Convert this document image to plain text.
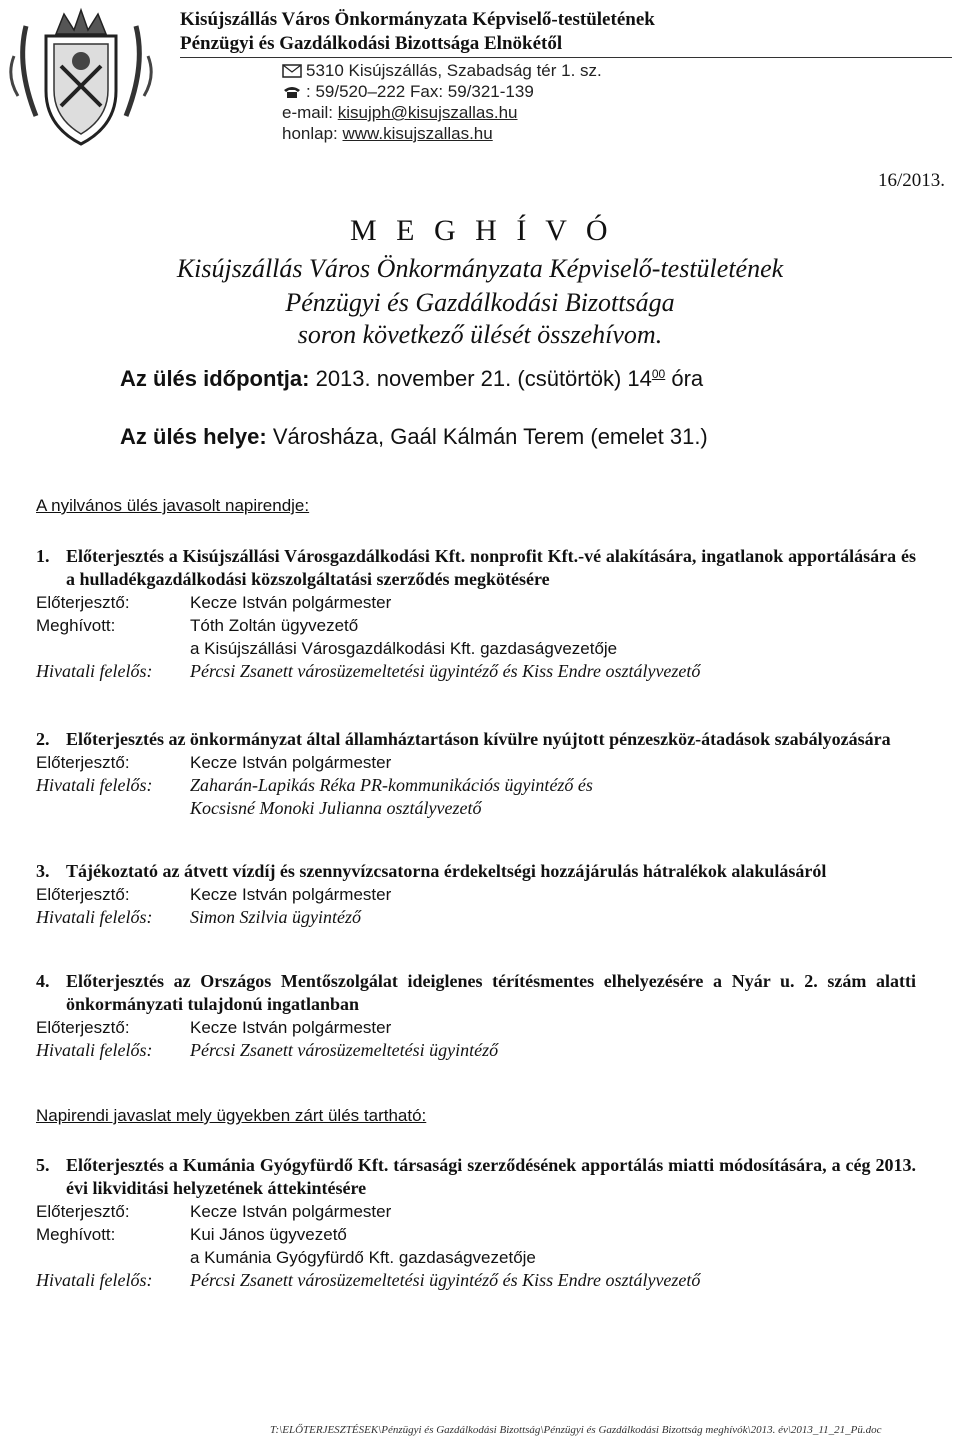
Kisújszállás Város Önkormányzata Képviselő-testületének
Pénzügyi és Gazdálkodási Bizottsága Elnökétől
5310 Kisújszállás, Szabadság tér 1. sz.
: 59/520–222 Fax: 59/321-139
e-mail: kisujph@kisujszallas.hu
honlap: www.kisujszallas.hu
16/2013.
M E G H Í V Ó
Kisújszállás Város Önkormányzata Képviselő-testületének
Pénzügyi és Gazdálkodási Bizottsága
soron következő ülését összehívom.
Az ülés időpontja: 2013. november 21. (csütörtök) $14^{00}$ óra
Az ülés helye: Városháza, Gaál Kálmán Terem (emelet 31.)
A nyilvános ülés javasolt napirendje:
1. Előterjesztés a Kisújszállási Városgazdálkodási Kft. nonprofit Kft.-vé alakítására, ingatlanok apportálására és a hulladékgazdálkodási közszolgáltatási szerződés megkötésére
Előterjesztő:	Kecze István polgármester
Meghívott:	Tóth Zoltán ügyvezető
a Kisújszállási Városgazdálkodási Kft. gazdaságvezetője
Hivatali felelős:	Pércsi Zsanett városüzemeltetési ügyintéző és Kiss Endre osztályvezető
2. Előterjesztés az önkormányzat által államháztartáson kívülre nyújtott pénzeszköz-átadások szabályozására
Előterjesztő:	Kecze István polgármester
Hivatali felelős:	Zaharán-Lapikás Réka PR-kommunikációs ügyintéző és
Kocsisné Monoki Julianna osztályvezető
3. Tájékoztató az átvett vízdíj és szennyvízcsatorna érdekeltségi hozzájárulás hátralékok alakulásáról
Előterjesztő:	Kecze István polgármester
Hivatali felelős:	Simon Szilvia ügyintéző
4. Előterjesztés az Országos Mentőszolgálat ideiglenes térítésmentes elhelyezésére a Nyár u. 2. szám alatti önkormányzati tulajdonú ingatlanban
Előterjesztő:	Kecze István polgármester
Hivatali felelős:	Pércsi Zsanett városüzemeltetési ügyintéző
Napirendi javaslat mely ügyekben zárt ülés tartható:
5. Előterjesztés a Kumánia Gyógyfürdő Kft. társasági szerződésének apportálás miatti módosítására, a cég 2013. évi likviditási helyzetének áttekintésére
Előterjesztő:	Kecze István polgármester
Meghívott:	Kui János ügyvezető
a Kumánia Gyógyfürdő Kft. gazdaságvezetője
Hivatali felelős:	Pércsi Zsanett városüzemeltetési ügyintéző és Kiss Endre osztályvezető
T:\ELŐTERJESZTÉSEK\Pénzügyi és Gazdálkodási Bizottság\Pénzügyi és Gazdálkodási Bizottság meghívók\2013. év\2013_11_21_Pü.doc
